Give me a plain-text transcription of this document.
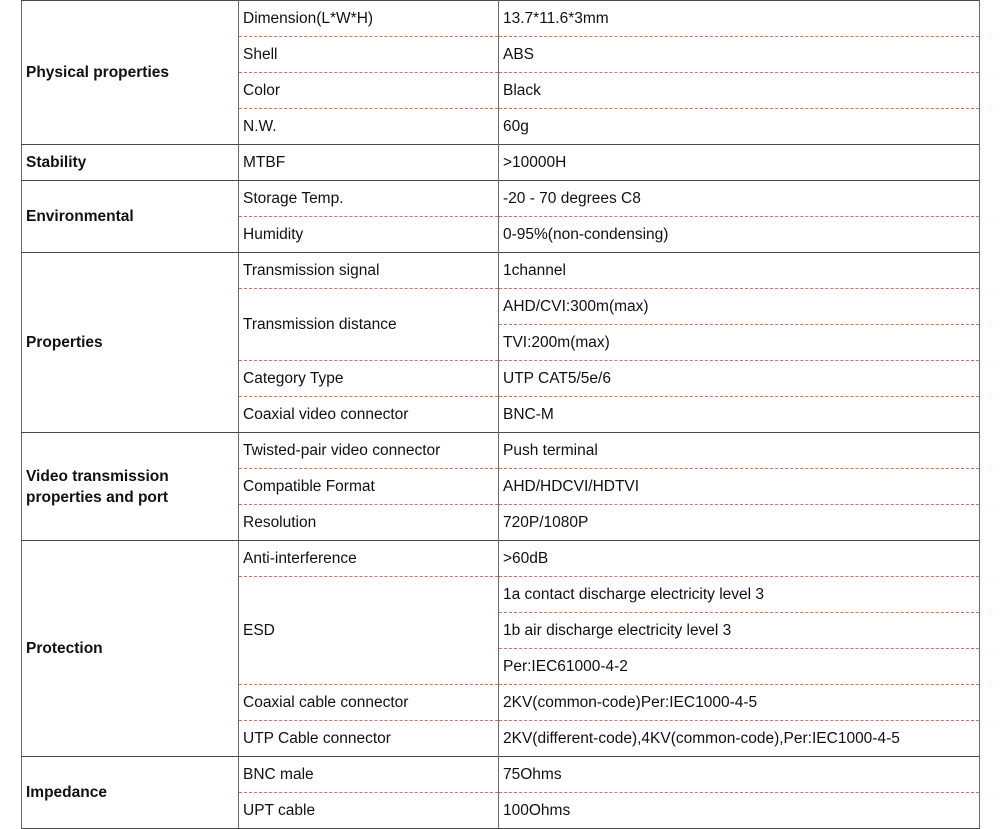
Physical properties	Dimension(L*W*H)	13.7*11.6*3mm
	Shell	ABS
	Color	Black
	N.W.	60g
Stability	MTBF	>10000H
Environmental	Storage Temp.	-20 - 70 degrees C8
	Humidity	0-95%(non-condensing)
Properties	Transmission signal	1channel
	Transmission distance	AHD/CVI:300m(max)
		TVI:200m(max)
	Category Type	UTP CAT5/5e/6
	Coaxial video connector	BNC-M
Video transmission properties and port	Twisted-pair video connector	Push terminal
	Compatible Format	AHD/HDCVI/HDTVI
	Resolution	720P/1080P
Protection	Anti-interference	>60dB
	ESD	1a contact discharge electricity level 3
		1b air discharge electricity level 3
		Per:IEC61000-4-2
	Coaxial cable connector	2KV(common-code)Per:IEC1000-4-5
	UTP Cable connector	2KV(different-code),4KV(common-code),Per:IEC1000-4-5
Impedance	BNC male	75Ohms
	UPT cable	100Ohms
